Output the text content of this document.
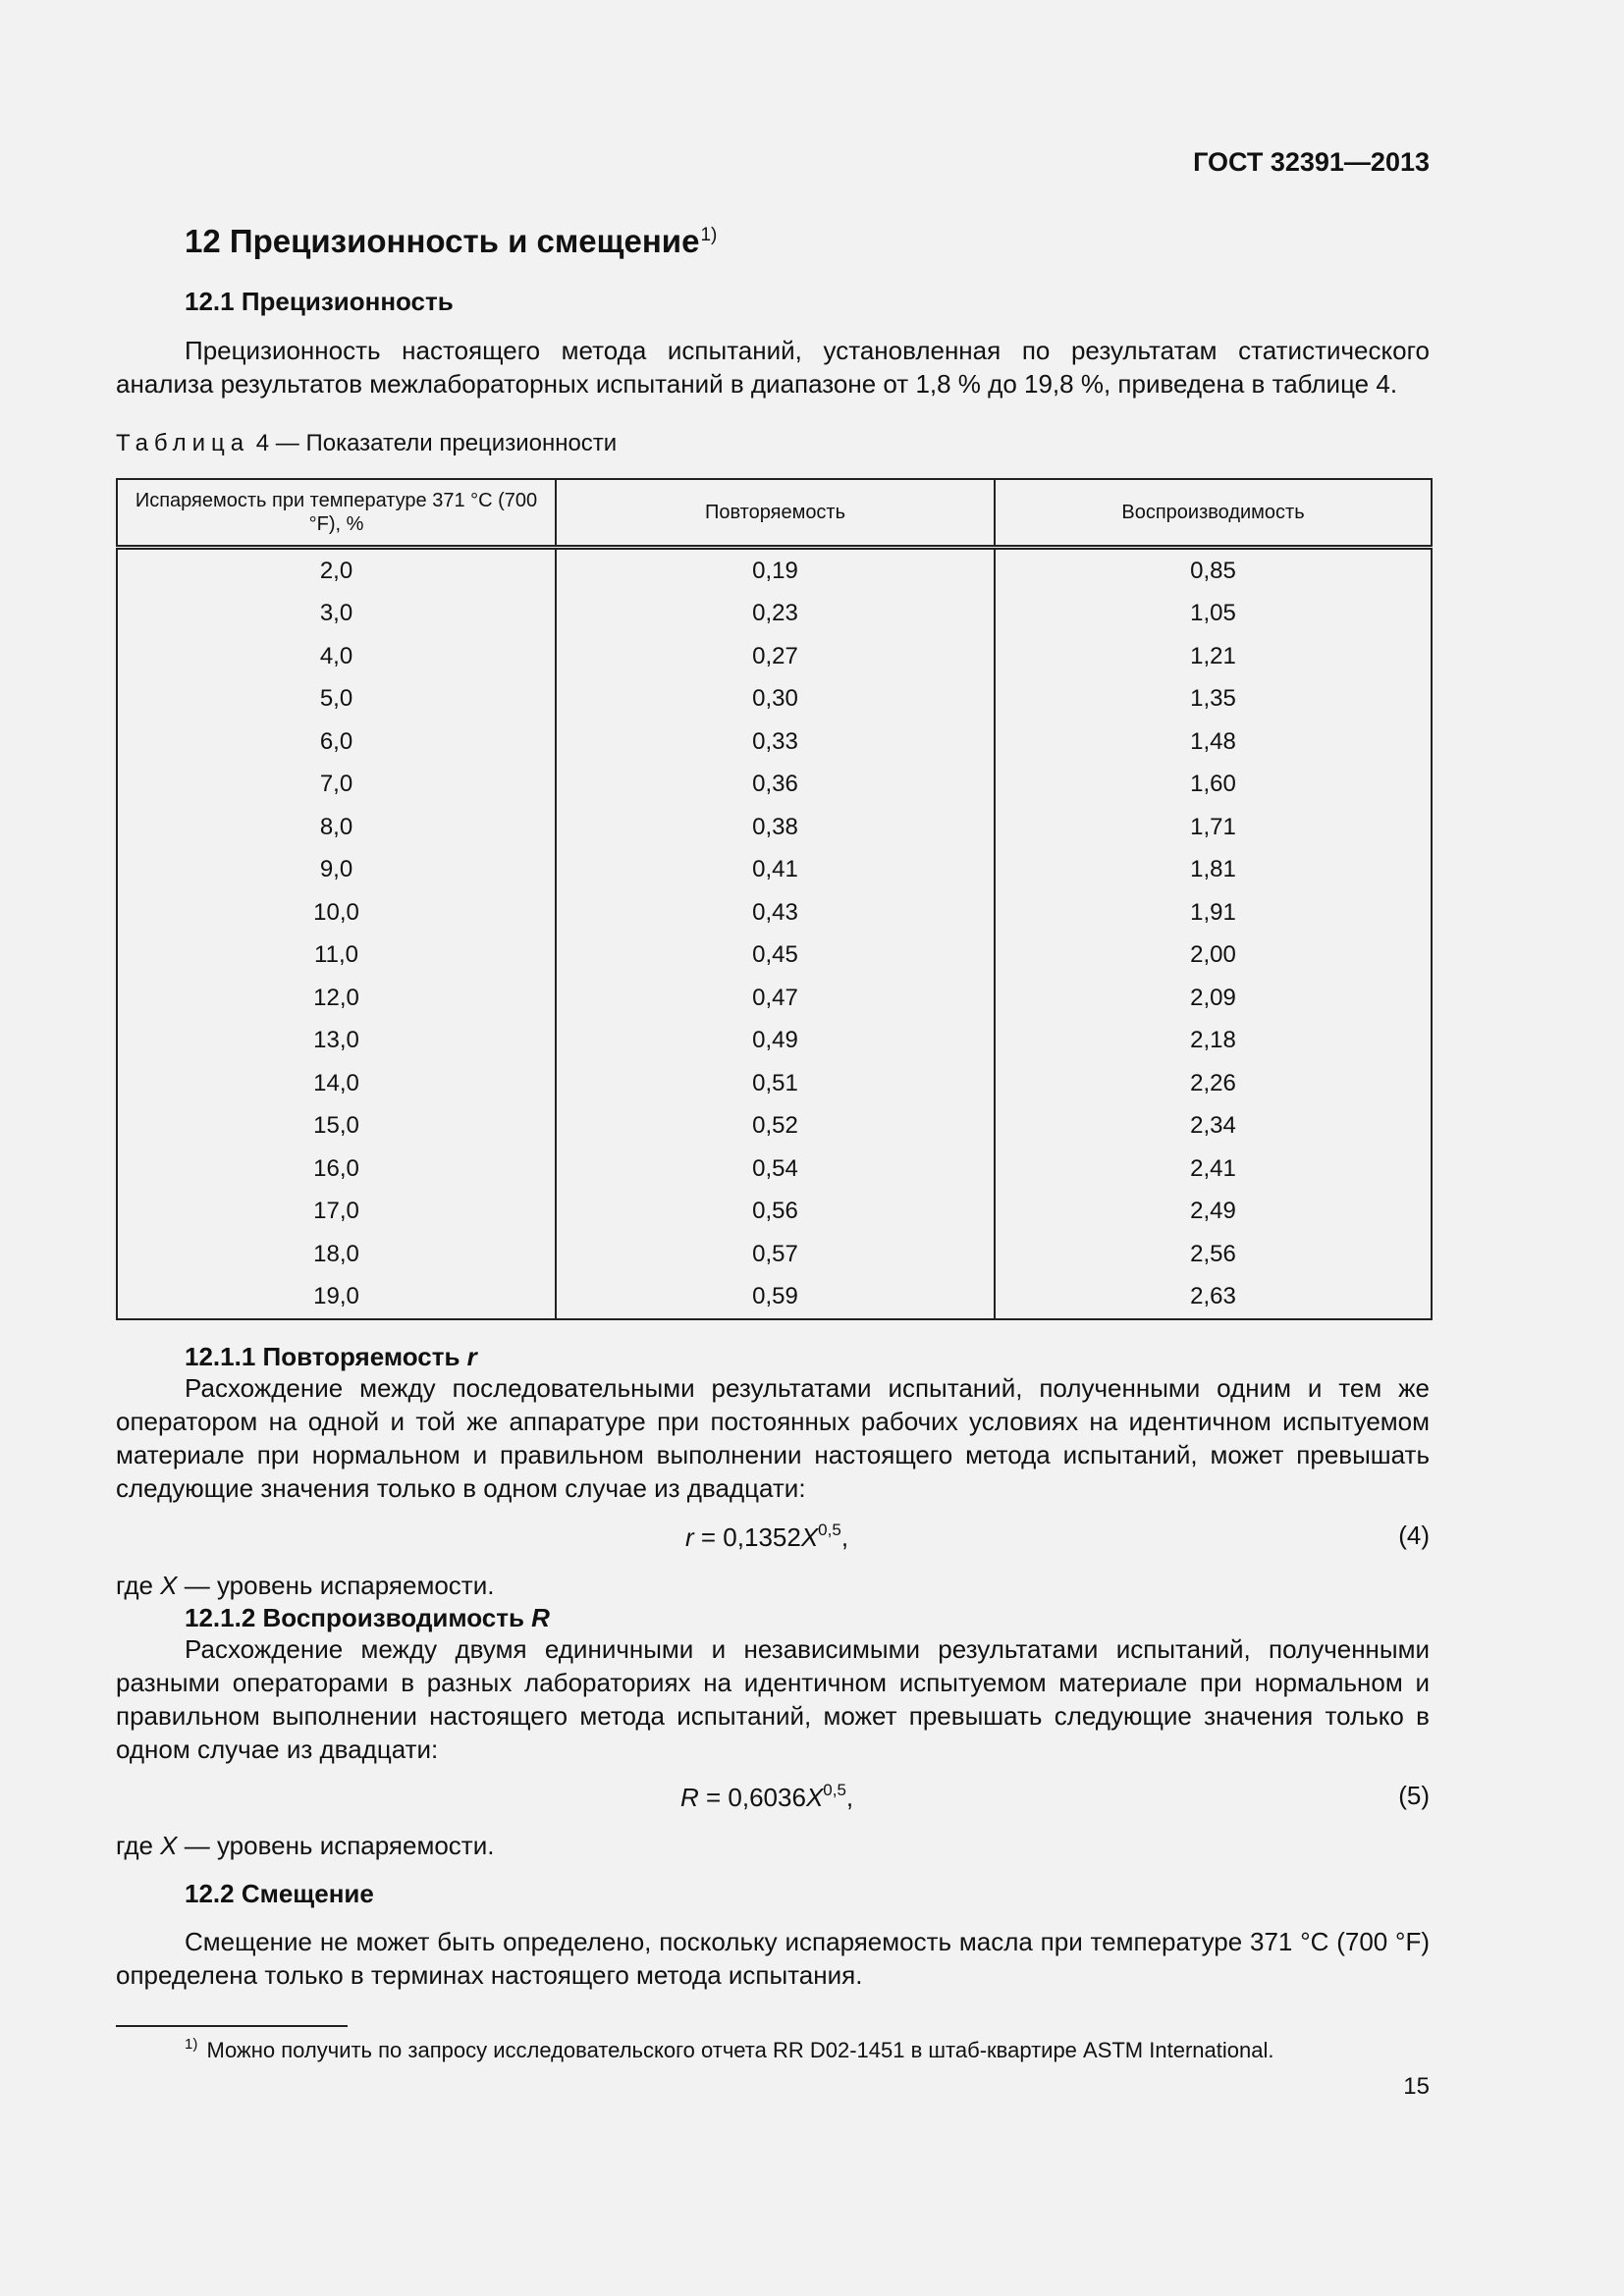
ГОСТ 32391—2013
12 Прецизионность и смещение$^{1)}$
12.1 Прецизионность

Прецизионность настоящего метода испытаний, установленная по результатам статистического анализа результатов межлабораторных испытаний в диапазоне от 1,8 % до 19,8 %, приведена в таблице 4.

Таблица 4 — Показатели прецизионности
Испаряемость при температуре 371 °C (700 °F), %	Повторяемость	Воспроизводимость
2,0	0,19	0,85
3,0	0,23	1,05
4,0	0,27	1,21
5,0	0,30	1,35
6,0	0,33	1,48
7,0	0,36	1,60
8,0	0,38	1,71
9,0	0,41	1,81
10,0	0,43	1,91
11,0	0,45	2,00
12,0	0,47	2,09
13,0	0,49	2,18
14,0	0,51	2,26
15,0	0,52	2,34
16,0	0,54	2,41
17,0	0,56	2,49
18,0	0,57	2,56
19,0	0,59	2,63
12.1.1 Повторяемость r

Расхождение между последовательными результатами испытаний, полученными одним и тем же оператором на одной и той же аппаратуре при постоянных рабочих условиях на идентичном испытуемом материале при нормальном и правильном выполнении настоящего метода испытаний, может превышать следующие значения только в одном случае из двадцати:

$r = 0,1352X^{0,5}$,	(4)
где X — уровень испаряемости.
12.1.2 Воспроизводимость R

Расхождение между двумя единичными и независимыми результатами испытаний, полученными разными операторами в разных лабораториях на идентичном испытуемом материале при нормальном и правильном выполнении настоящего метода испытаний, может превышать следующие значения только в одном случае из двадцати:

$R = 0,6036X^{0,5}$,	(5)
где X — уровень испаряемости.
12.2 Смещение

Смещение не может быть определено, поскольку испаряемость масла при температуре 371 °C (700 °F) определена только в терминах настоящего метода испытания.

$^{1)}$ Можно получить по запросу исследовательского отчета RR D02-1451 в штаб-квартире ASTM International.
15
